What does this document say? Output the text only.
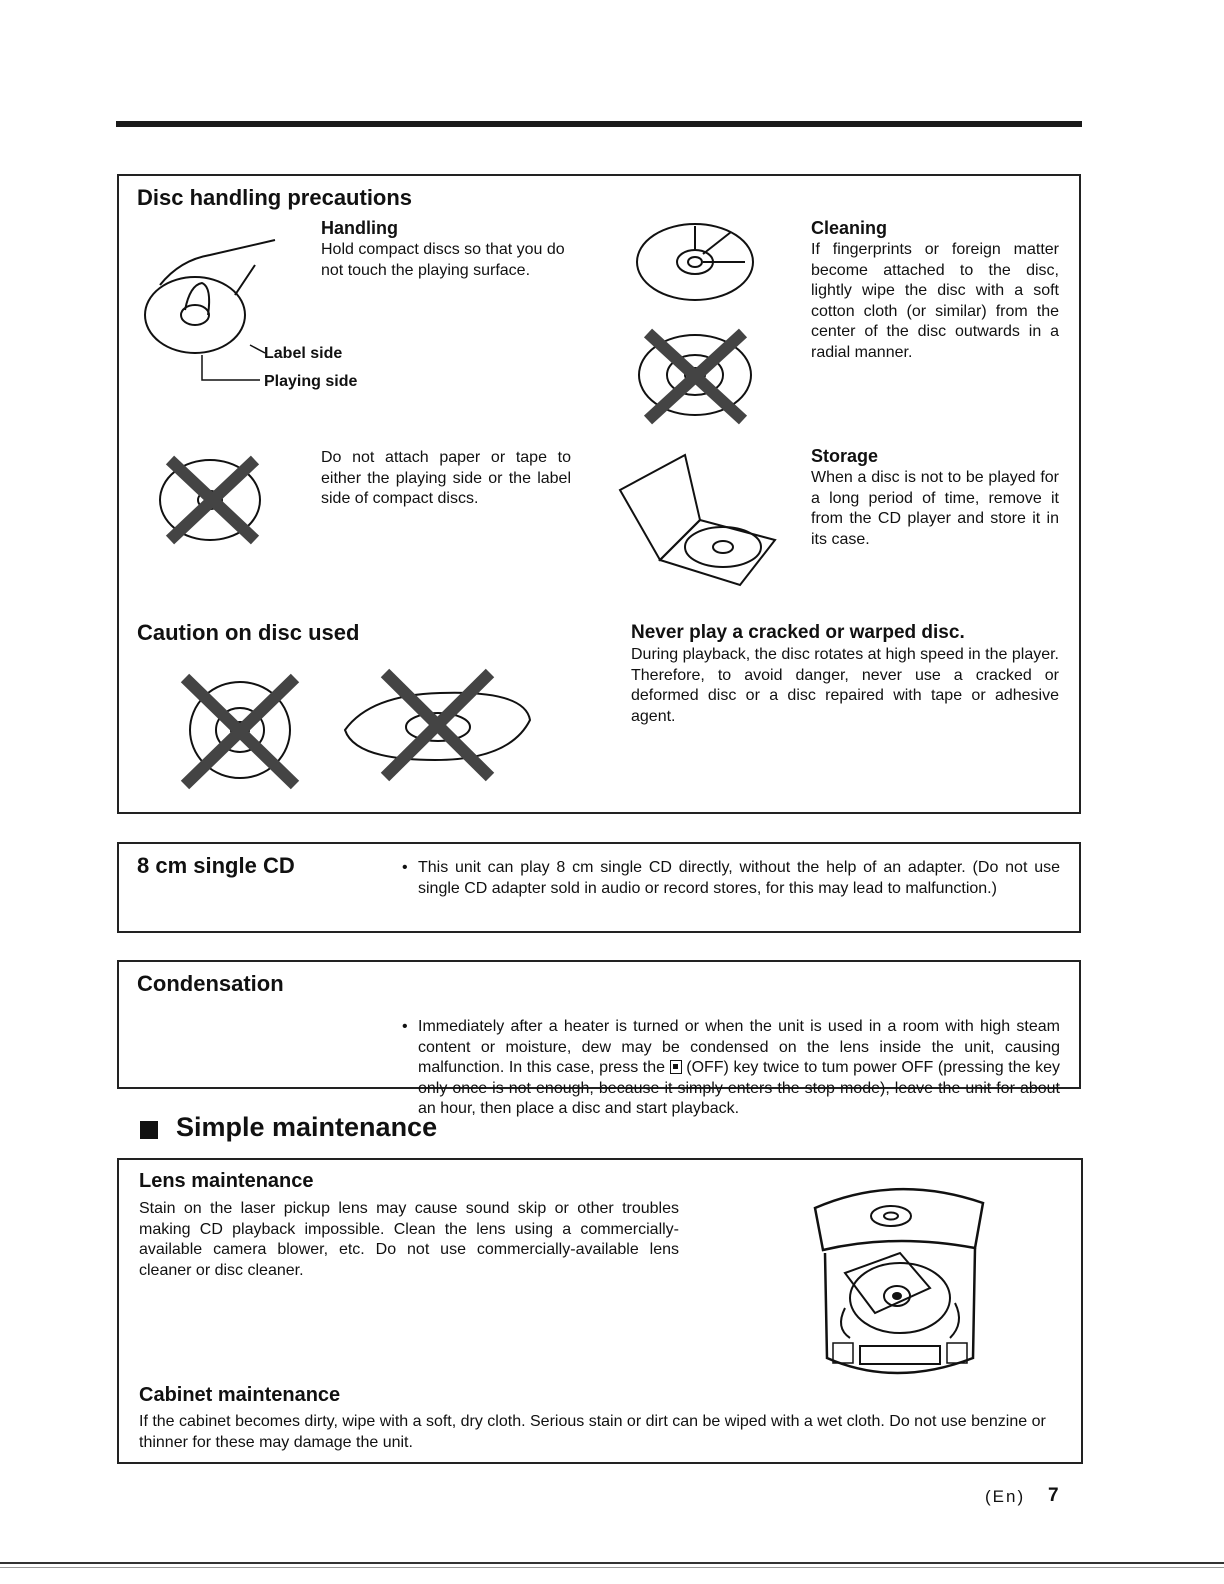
Disc handling precautions
Handling
Hold compact discs so that you do not touch the playing surface.
Label side
Playing side
Do not attach paper or tape to either the playing side or the label side of compact discs.
Cleaning
If fingerprints or foreign matter become attached to the disc, lightly wipe the disc with a soft cotton cloth (or similar) from the center of the disc outwards in a radial manner.
Storage
When a disc is not to be played for a long period of time, remove it from the CD player and store it in its case.
Caution on disc used	Never play a cracked or warped disc.
During playback, the disc rotates at high speed in the player. Therefore, to avoid danger, never use a cracked or deformed disc or a disc repaired with tape or adhesive agent.
8 cm single CD
•	This unit can play 8 cm single CD directly, without the help of an adapter. (Do not use single CD adapter sold in audio or record stores, for this may lead to malfunction.)
Condensation
• Immediately after a heater is turned or when the unit is used in a room with high steam content or moisture, dew may be condensed on the lens inside the unit, causing malfunction. In this case, press the (OFF) key twice to tum power OFF (pressing the key only once is not enough, because it simply enters the stop mode), leave the unit for about an hour, then place a disc and start playback.
Simple maintenance
Lens maintenance
Stain on the laser pickup lens may cause sound skip or other troubles making CD playback impossible. Clean the lens using a commercially-available camera blower, etc. Do not use commercially-available lens cleaner or disc cleaner.
Cabinet maintenance
If the cabinet becomes dirty, wipe with a soft, dry cloth. Serious stain or dirt can be wiped with a wet cloth. Do not use benzine or thinner for these may damage the unit.
(En) 7
